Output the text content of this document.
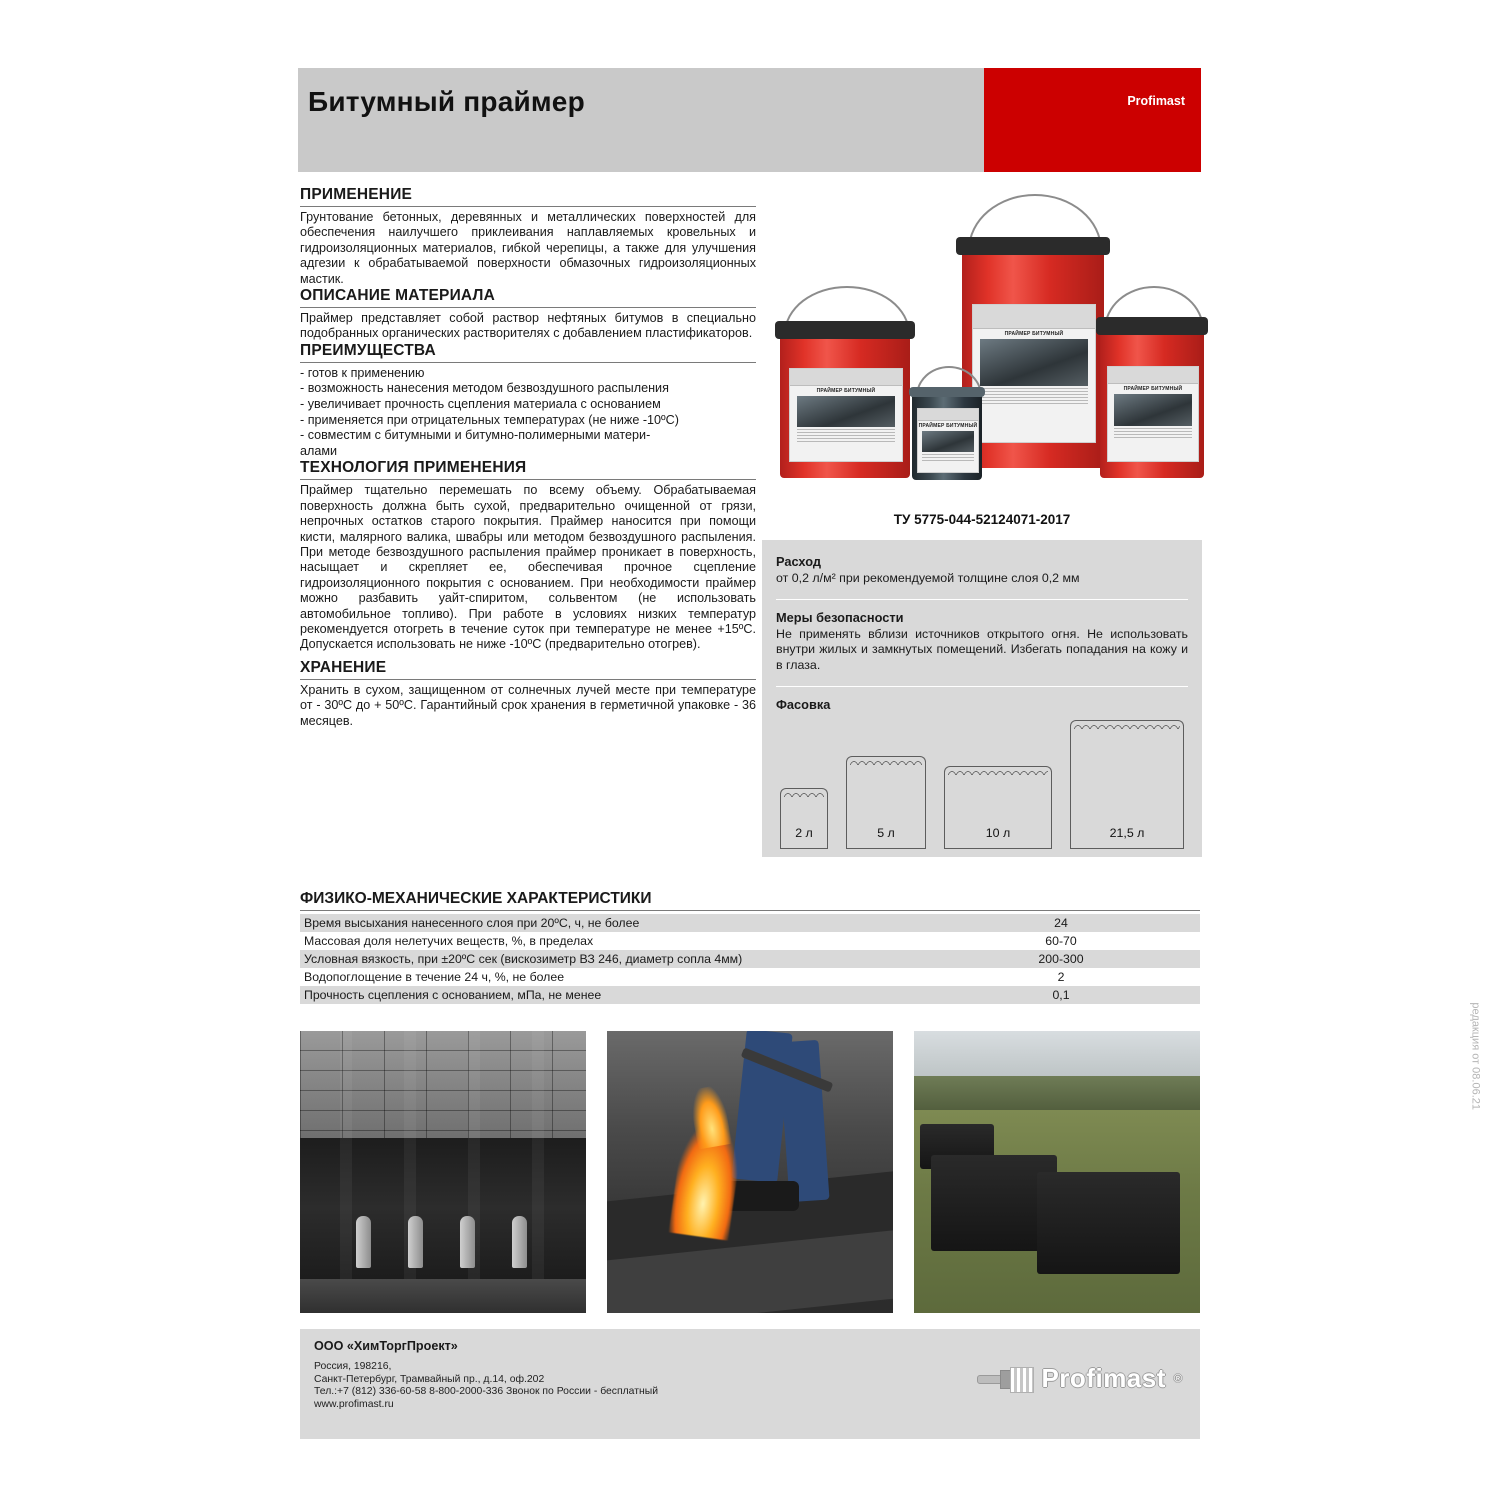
Profimast
Битумный праймер
ПРИМЕНЕНИЕ

Грунтование бетонных, деревянных и металлических поверхностей для обеспечения наилучшего приклеивания наплавляемых кровельных и гидроизоляционных материалов, гибкой черепицы, а также для улучшения адгезии к обрабатываемой поверхности обмазочных гидроизоляционных мастик.

ОПИСАНИЕ МАТЕРИАЛА

Праймер представляет собой раствор нефтяных битумов в специально подобранных органических растворителях с добавлением пластификаторов.

ПРЕИМУЩЕСТВА
- готов к применению
- возможность нанесения методом безвоздушного распыления
- увеличивает прочность сцепления материала с основанием
- применяется при отрицательных температурах (не ниже -10ºС)
- совместим с битумными и битумно-полимерными матери-
алами
ТЕХНОЛОГИЯ ПРИМЕНЕНИЯ

Праймер тщательно перемешать по всему объему. Обрабатываемая поверхность должна быть сухой, предварительно очищенной от грязи, непрочных остатков старого покрытия. Праймер наносится при помощи кисти, малярного валика, швабры или методом безвоздушного распыления. При методе безвоздушного распыления праймер проникает в поверхность, насыщает и скрепляет ее, обеспечивая прочное сцепление гидроизоляционного покрытия с основанием. При необходимости праймер можно разбавить уайт-спиритом, сольвентом (не использовать автомобильное топливо). При работе в условиях низких температур рекомендуется отогреть в течение суток при температуре не менее +15ºС. Допускается использовать не ниже -10ºС (предварительно отогрев).

ХРАНЕНИЕ

Хранить в сухом, защищенном от солнечных лучей месте при температуре от - 30ºС до + 50ºС. Гарантийный срок хранения в герметичной упаковке - 36 месяцев.

ПРАЙМЕР БИТУМНЫЙ
ПРАЙМЕР БИТУМНЫЙ
ПРАЙМЕР БИТУМНЫЙ
ПРАЙМЕР БИТУМНЫЙ
ТУ 5775-044-52124071-2017
Расход
от 0,2 л/м² при рекомендуемой толщине слоя 0,2 мм
Меры безопасности
Не применять вблизи источников открытого огня. Не использовать внутри жилых и замкнутых помещений. Избегать попадания на кожу и в глаза.
Фасовка
2 л	5 л	10 л	21,5 л
ФИЗИКО-МЕХАНИЧЕСКИЕ ХАРАКТЕРИСТИКИ
Время высыхания нанесенного слоя при 20ºС, ч, не более	24
Массовая доля нелетучих веществ, %, в пределах	60-70
Условная вязкость, при ±20ºС сек (вискозиметр ВЗ 246, диаметр сопла 4мм)	200-300
Водопоглощение в течение 24 ч, %, не более	2
Прочность сцепления с основанием, мПа, не менее	0,1
ООО «ХимТоргПроект»
Россия, 198216,
Санкт-Петербург, Трамвайный пр., д.14, оф.202
Тел.:+7 (812) 336-60-58 8-800-2000-336 Звонок по России - бесплатный
www.profimast.ru
Profimast ®
редакция от 08.06.21
